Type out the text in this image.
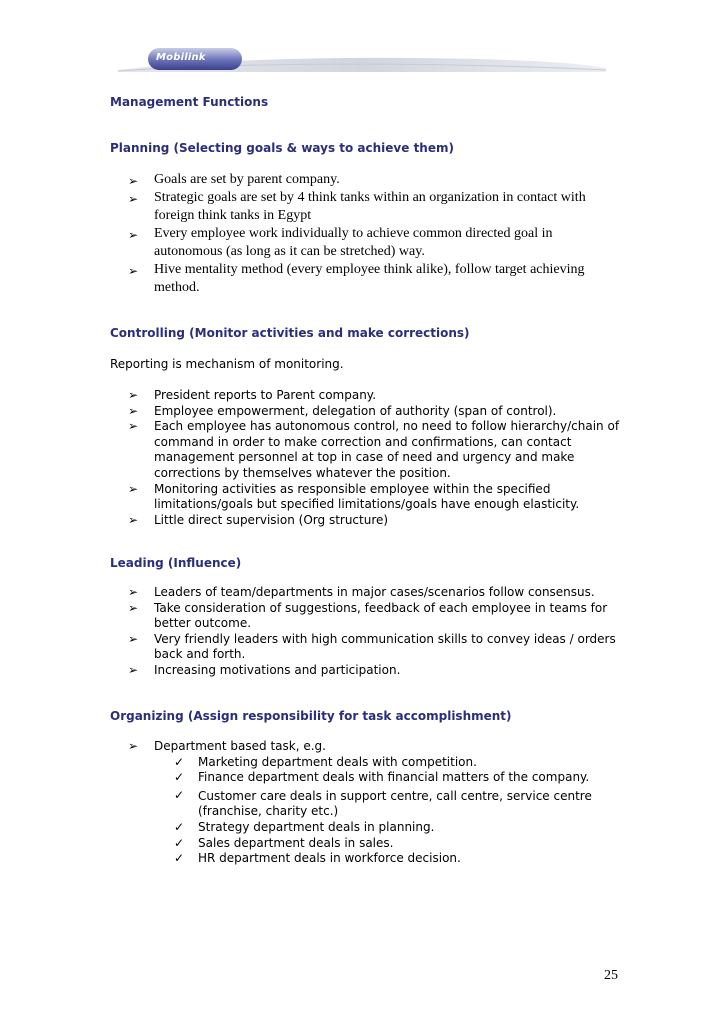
Mobilink
Management Functions
Planning (Selecting goals & ways to achieve them)
➢ Goals are set by parent company.
➢ Strategic goals are set by 4 think tanks within an organization in contact with foreign think tanks in Egypt
➢ Every employee work individually to achieve common directed goal in autonomous (as long as it can be stretched) way.
➢ Hive mentality method (every employee think alike), follow target achieving method.
Controlling (Monitor activities and make corrections)
Reporting is mechanism of monitoring.
➢ President reports to Parent company.
➢ Employee empowerment, delegation of authority (span of control).
➢ Each employee has autonomous control, no need to follow hierarchy/chain of command in order to make correction and confirmations, can contact management personnel at top in case of need and urgency and make corrections by themselves whatever the position.
➢ Monitoring activities as responsible employee within the specified limitations/goals but specified limitations/goals have enough elasticity.
➢ Little direct supervision (Org structure)
Leading (Influence)
➢ Leaders of team/departments in major cases/scenarios follow consensus.
➢ Take consideration of suggestions, feedback of each employee in teams for better outcome.
➢ Very friendly leaders with high communication skills to convey ideas / orders back and forth.
➢ Increasing motivations and participation.
Organizing (Assign responsibility for task accomplishment)
➢ Department based task, e.g.
✓ Marketing department deals with competition.
✓ Finance department deals with financial matters of the company.
✓ Customer care deals in support centre, call centre, service centre (franchise, charity etc.)
✓ Strategy department deals in planning.
✓ Sales department deals in sales.
✓ HR department deals in workforce decision.
25
